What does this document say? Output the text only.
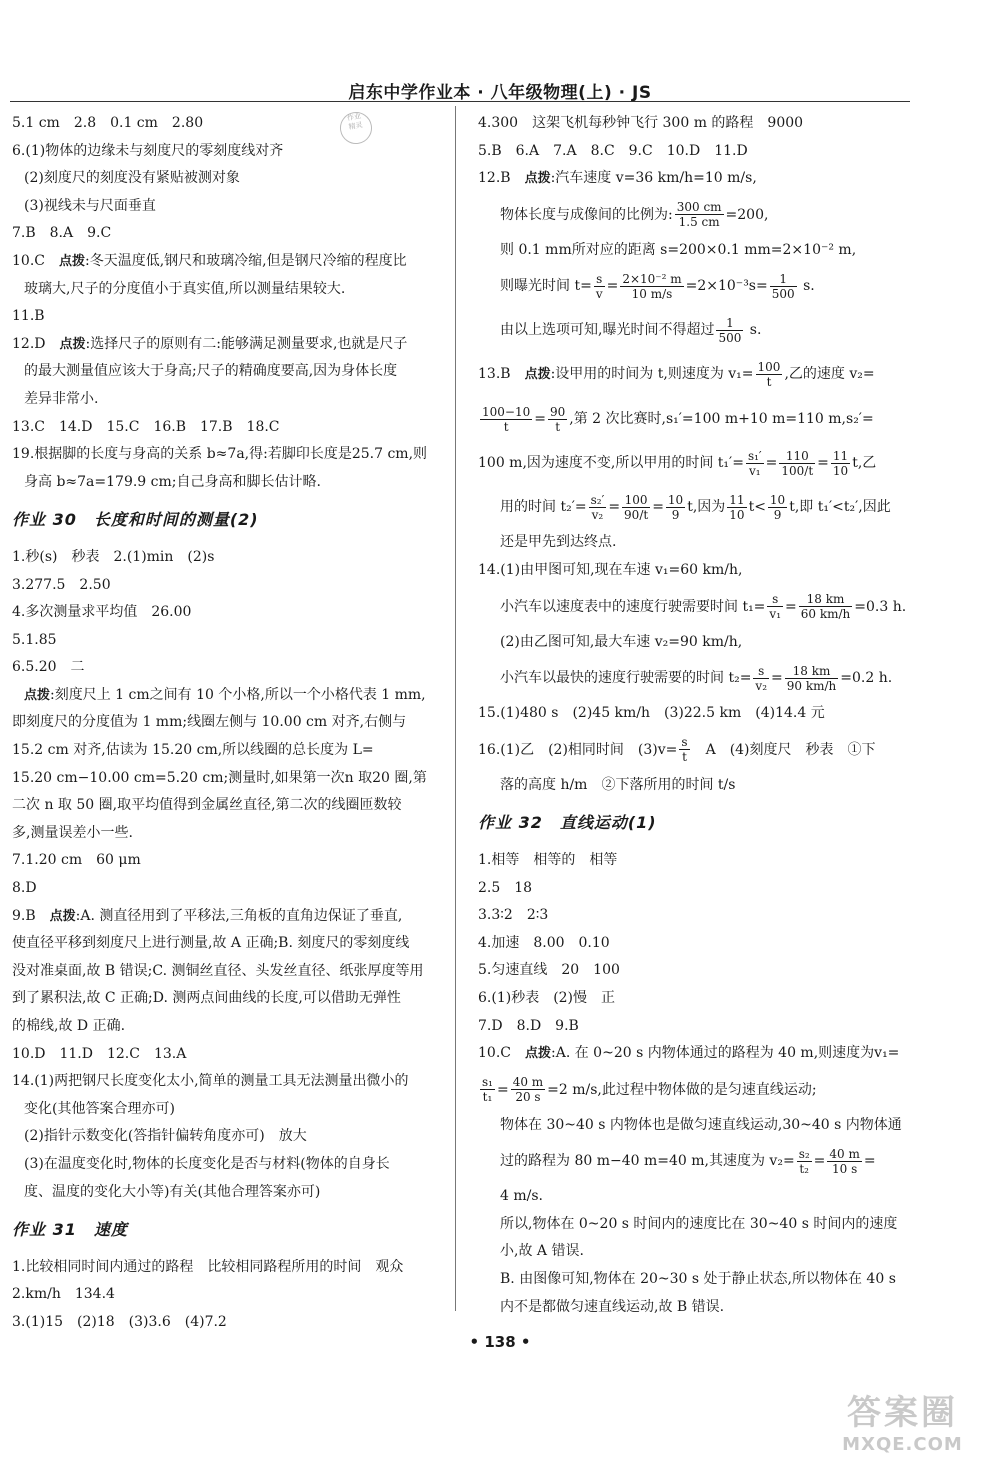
启东中学作业本 · 八年级物理(上) · JS
作业
精灵
5.1 cm　2.8　0.1 cm　2.80
6.(1)物体的边缘未与刻度尺的零刻度线对齐
(2)刻度尺的刻度没有紧贴被测对象
(3)视线未与尺面垂直
7.B　8.A　9.C
10.C　点拨:冬天温度低,钢尺和玻璃冷缩,但是钢尺冷缩的程度比
玻璃大,尺子的分度值小于真实值,所以测量结果较大.
11.B
12.D　点拨:选择尺子的原则有二:能够满足测量要求,也就是尺子
的最大测量值应该大于身高;尺子的精确度要高,因为身体长度
差异非常小.
13.C　14.D　15.C　16.B　17.B　18.C
19.根据脚的长度与身高的关系 b≈7a,得:若脚印长度是25.7 cm,则
身高 b≈7a=179.9 cm;自己身高和脚长估计略.
作业 30　长度和时间的测量(2)
1.秒(s)　秒表　2.(1)min　(2)s
3.277.5　2.50
4.多次测量求平均值　26.00
5.1.85
6.5.20　二
点拨:刻度尺上 1 cm之间有 10 个小格,所以一个小格代表 1 mm,
即刻度尺的分度值为 1 mm;线圈左侧与 10.00 cm 对齐,右侧与
15.2 cm 对齐,估读为 15.20 cm,所以线圈的总长度为 L=
15.20 cm−10.00 cm=5.20 cm;测量时,如果第一次n 取20 圈,第
二次 n 取 50 圈,取平均值得到金属丝直径,第二次的线圈匝数较
多,测量误差小一些.
7.1.20 cm　60 μm
8.D
9.B　点拨:A. 测直径用到了平移法,三角板的直角边保证了垂直,
使直径平移到刻度尺上进行测量,故 A 正确;B. 刻度尺的零刻度线
没对准桌面,故 B 错误;C. 测铜丝直径、头发丝直径、纸张厚度等用
到了累积法,故 C 正确;D. 测两点间曲线的长度,可以借助无弹性
的棉线,故 D 正确.
10.D　11.D　12.C　13.A
14.(1)两把钢尺长度变化太小,简单的测量工具无法测量出微小的
变化(其他答案合理亦可)
(2)指针示数变化(答指针偏转角度亦可)　放大
(3)在温度变化时,物体的长度变化是否与材料(物体的自身长
度、温度的变化大小等)有关(其他合理答案亦可)
作业 31　速度
1.比较相同时间内通过的路程　比较相同路程所用的时间　观众
2.km/h　134.4
3.(1)15　(2)18　(3)3.6　(4)7.2
4.300　这架飞机每秒钟飞行 300 m 的路程　9000
5.B　6.A　7.A　8.C　9.C　10.D　11.D
12.B　点拨:汽车速度 v=36 km/h=10 m/s,
物体长度与成像间的比例为: $\frac{300 cm}{1.5 cm} =200$,
则 0.1 mm所对应的距离 s=200×0.1 mm=2×10⁻² m,
则曝光时间 $t= \frac{s}{v} = \frac{\text{2×10⁻² m}}{10 m/s} =2\times 10^{-3}s= \frac{1}{500} s$.
由以上选项可知,曝光时间不得超过 $\frac{1}{500} s$.
13.B　点拨:设甲用的时间为 t,则速度为 $v_1= \frac{100}{t}$ ,乙的速度 v₂=
$\frac{100-10}{t} = \frac{90}{t}$ ,第 2 次比赛时,s₁′=100 m+10 m=110 m,s₂′=
100 m,因为速度不变,所以甲用的时间 $t_1'= \frac{\text{s₁′}}{\text{v₁}} = \frac{110}{100/t} = \frac{11}{10} t$,乙
用的时间 $t_2'= \frac{\text{s₂′}}{\text{v₂}} = \frac{100}{90/t} = \frac{10}{9} t$,因为 $\frac{11}{10} t< \frac{10}{9} t$,即 t₁′<t₂′,因此
还是甲先到达终点.
14.(1)由甲图可知,现在车速 v₁=60 km/h,
小汽车以速度表中的速度行驶需要时间 $t_1= \frac{s}{\text{v₁}} = \frac{18 km}{60 km/h} =0.3$ h.
(2)由乙图可知,最大车速 v₂=90 km/h,
小汽车以最快的速度行驶需要的时间 $t_2= \frac{s}{\text{v₂}} = \frac{18 km}{90 km/h} =0.2$ h.
15.(1)480 s　(2)45 km/h　(3)22.5 km　(4)14.4 元
16.(1)乙　(2)相同时间　$(3)v= \frac{s}{t}$ 　A　(4)刻度尺　秒表　①下
落的高度 h/m　②下落所用的时间 t/s
作业 32　直线运动(1)
1.相等　相等的　相等
2.5　18
3.3∶2　2∶3
4.加速　8.00　0.10
5.匀速直线　20　100
6.(1)秒表　(2)慢　正
7.D　8.D　9.B
10.C　点拨:A. 在 0~20 s 内物体通过的路程为 40 m,则速度为v₁=
$\frac{\text{s₁}}{\text{t₁}} = \frac{40 m}{20 s} =2$ m/s,此过程中物体做的是匀速直线运动;
物体在 30~40 s 内物体也是做匀速直线运动,30~40 s 内物体通
过的路程为 80 m−40 m=40 m,其速度为 $v_2= \frac{\text{s₂}}{\text{t₂}} = \frac{40 m}{10 s}$ =
4 m/s.
所以,物体在 0~20 s 时间内的速度比在 30~40 s 时间内的速度
小,故 A 错误.
B. 由图像可知,物体在 20~30 s 处于静止状态,所以物体在 40 s
内不是都做匀速直线运动,故 B 错误.
• 138 •
答案圈
MXQE.COM
